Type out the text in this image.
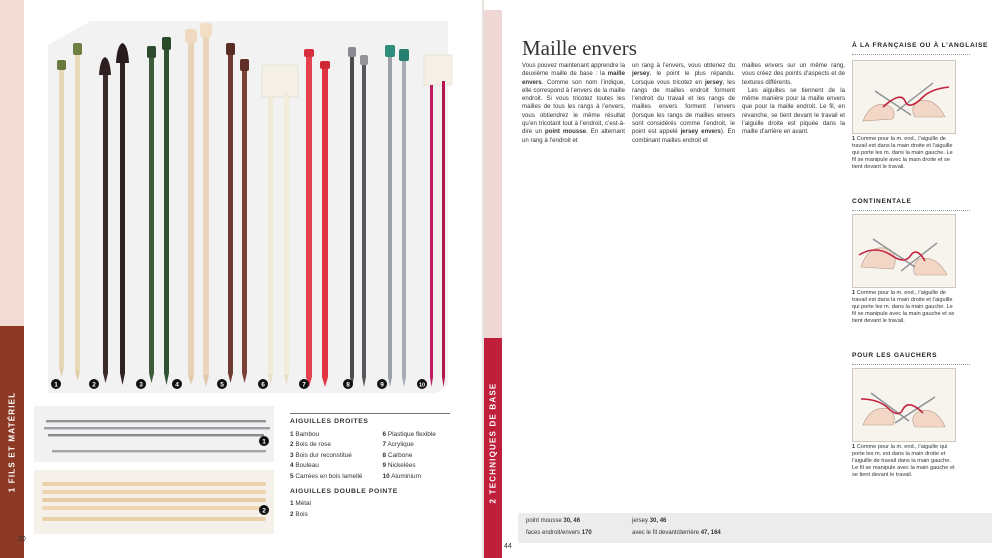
1 FILS ET MATÉRIEL
20
1	2	3	4	5	6	7	8	9	10
1
2
AIGUILLES DROITES
1 Bambou
2 Bois de rose
3 Bois dur reconstitué
4 Bouleau
5 Carrées en bois lamellé
6 Plastique flexible
7 Acrylique
8 Carbone
9 Nickelées
10 Aluminium
AIGUILLES DOUBLE POINTE
1 Métal
2 Bois
2 TECHNIQUES DE BASE
44
Maille envers
Vous pouvez maintenant apprendre la deuxième maille de base : la maille envers. Comme son nom l’indique, elle correspond à l’envers de la maille endroit. Si vous tricotez toutes les mailles de tous les rangs à l’envers, vous obtiendrez le même résultat qu’en tricotant tout à l’endroit, c’est-à-dire un point mousse. En alternant un rang à l’endroit et
un rang à l’envers, vous obtenez du jersey, le point le plus répandu. Lorsque vous tricotez en jersey, les rangs de mailles endroit forment l’endroit du travail et les rangs de mailles envers forment l’envers (lorsque les rangs de mailles envers sont considérés comme l’endroit, le point est appelé jersey envers). En combinant mailles endroit et
mailles envers sur un même rang, vous créez des points d’aspects et de textures différents.
Les aiguilles se tiennent de la même manière pour la maille envers que pour la maille endroit. Le fil, en revanche, se tient devant le travail et l’aiguille droite est piquée dans la maille d’arrière en avant.
À LA FRANÇAISE OU À L’ANGLAISE
1 Comme pour la m. end., l’aiguille de travail est dans la main droite et l’aiguille qui porte les m. dans la main gauche. Le fil se manipule avec la main droite et se tient devant le travail.
CONTINENTALE
1 Comme pour la m. end., l’aiguille de travail est dans la main droite et l’aiguille qui porte les m. dans la main gauche. Le fil se manipule avec la main gauche et se tient devant le travail.
POUR LES GAUCHERS
1 Comme pour la m. end., l’aiguille qui porte les m. est dans la main droite et l’aiguille de travail dans la main gauche. Le fil se manipule avec la main gauche et se tient devant le travail.
point mousse 30, 46
faces endroit/envers 170
jersey 30, 46
avec le fil devant/derrière 47, 164
